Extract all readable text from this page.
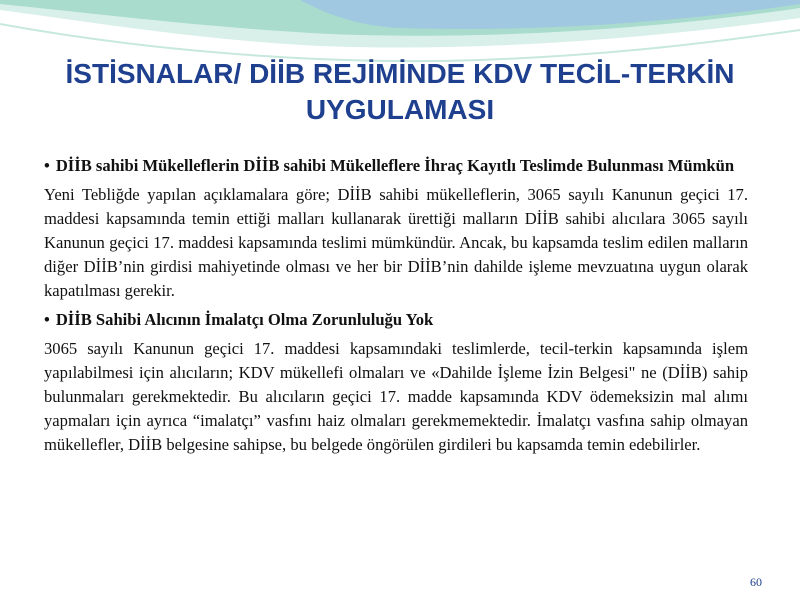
İSTİSNALAR/ DİİB REJİMİNDE KDV TECİL-TERKİN UYGULAMASI

• DİİB sahibi Mükelleflerin DİİB sahibi Mükelleflere İhraç Kayıtlı Teslimde Bulunması Mümkün

Yeni Tebliğde yapılan açıklamalara göre; DİİB sahibi mükelleflerin, 3065 sayılı Kanunun geçici 17. maddesi kapsamında temin ettiği malları kullanarak ürettiği malların DİİB sahibi alıcılara 3065 sayılı Kanunun geçici 17. maddesi kapsamında teslimi mümkündür. Ancak, bu kapsamda teslim edilen malların diğer DİİB’nin girdisi mahiyetinde olması ve her bir DİİB’nin dahilde işleme mevzuatına uygun olarak kapatılması gerekir.

• DİİB Sahibi Alıcının İmalatçı Olma Zorunluluğu Yok

3065 sayılı Kanunun geçici 17. maddesi kapsamındaki teslimlerde, tecil-terkin kapsamında işlem yapılabilmesi için alıcıların; KDV mükellefi olmaları ve «Dahilde İşleme İzin Belgesi" ne (DİİB) sahip bulunmaları gerekmektedir. Bu alıcıların geçici 17. madde kapsamında KDV ödemeksizin mal alımı yapmaları için ayrıca “imalatçı” vasfını haiz olmaları gerekmemektedir. İmalatçı vasfına sahip olmayan mükellefler, DİİB belgesine sahipse, bu belgede öngörülen girdileri bu kapsamda temin edebilirler.

60
